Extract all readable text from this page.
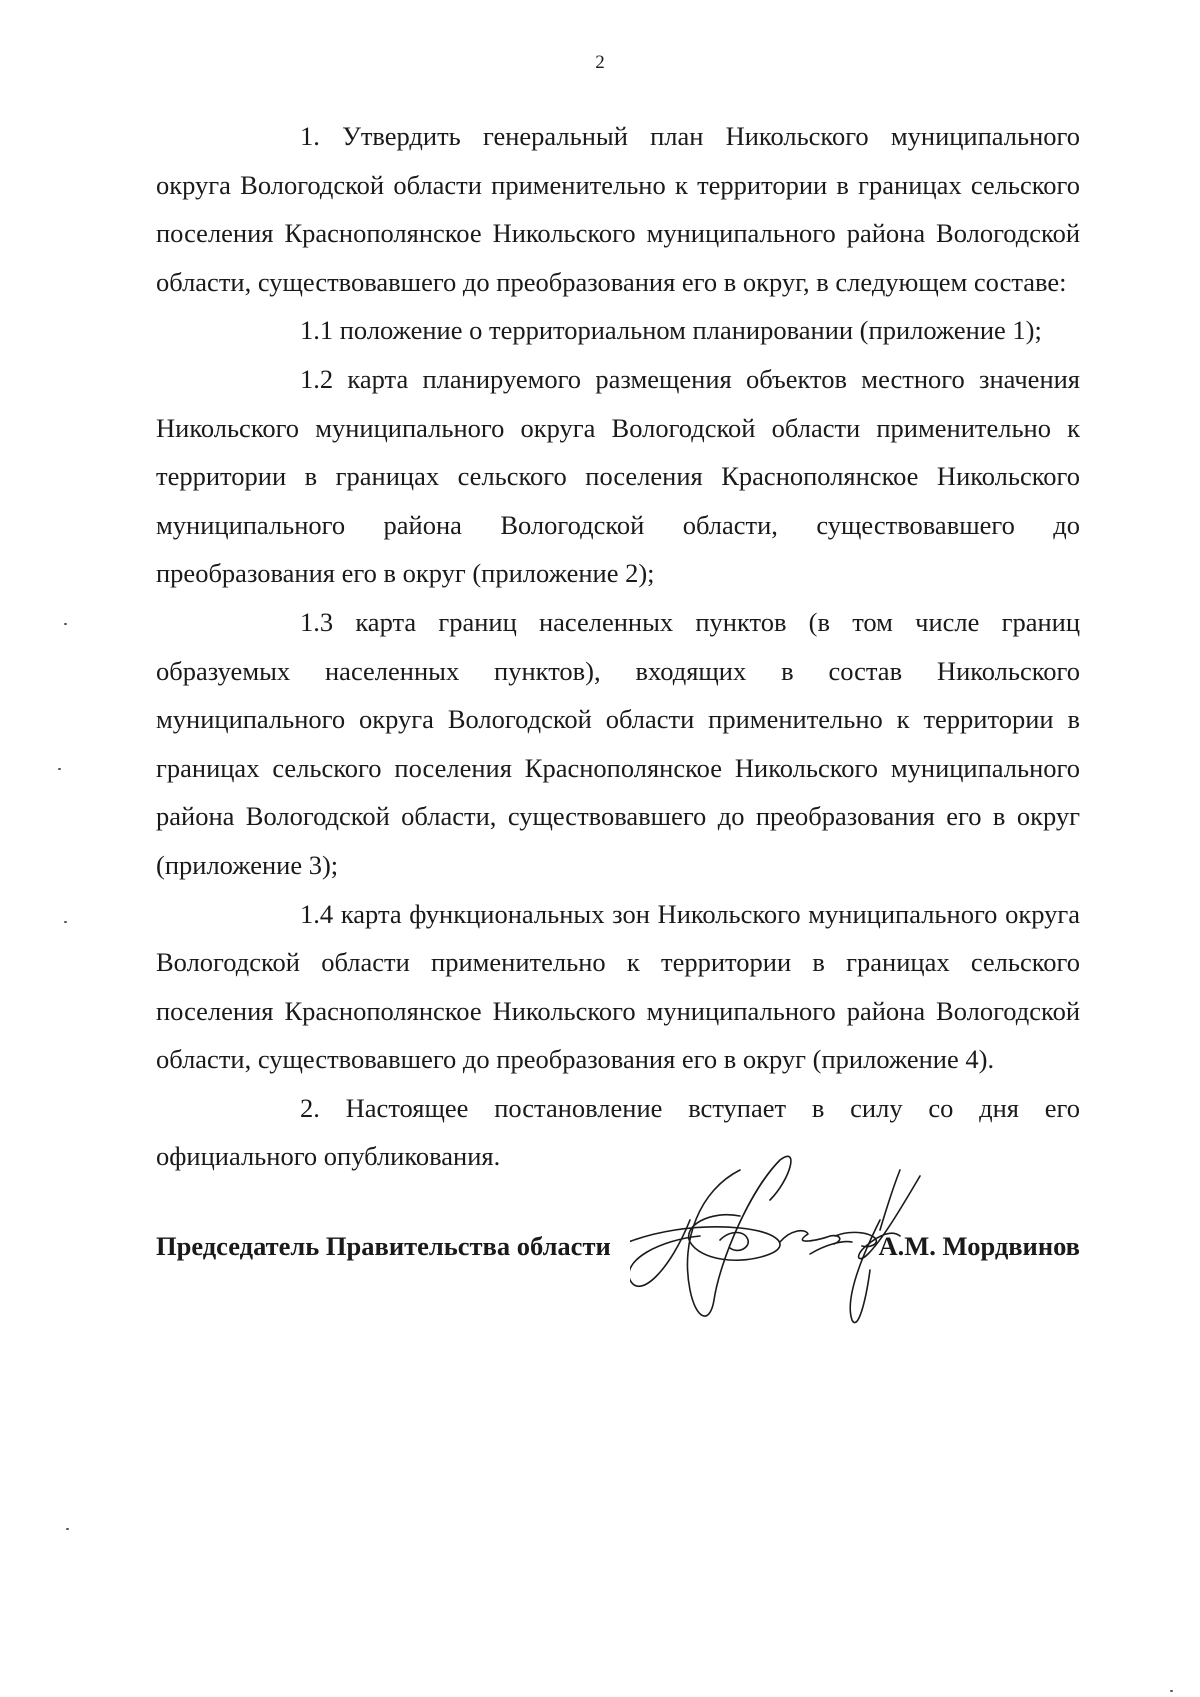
2

1. Утвердить генеральный план Никольского муниципального округа Вологодской области применительно к территории в границах сельского поселения Краснополянское Никольского муниципального района Вологодской области, существовавшего до преобразования его в округ, в следующем составе:

1.1 положение о территориальном планировании (приложение 1);

1.2 карта планируемого размещения объектов местного значения Никольского муниципального округа Вологодской области применительно к территории в границах сельского поселения Краснополянское Никольского муниципального района Вологодской области, существовавшего до преобразования его в округ (приложение 2);

1.3 карта границ населенных пунктов (в том числе границ образуемых населенных пунктов), входящих в состав Никольского муниципального округа Вологодской области применительно к территории в границах сельского поселения Краснополянское Никольского муниципального района Вологодской области, существовавшего до преобразования его в округ (приложение 3);

1.4 карта функциональных зон Никольского муниципального округа Вологодской области применительно к территории в границах сельского поселения Краснополянское Никольского муниципального района Вологодской области, существовавшего до преобразования его в округ (приложение 4).

2. Настоящее постановление вступает в силу со дня его официального опубликования.

Председатель Правительства области	А.М. Мордвинов
